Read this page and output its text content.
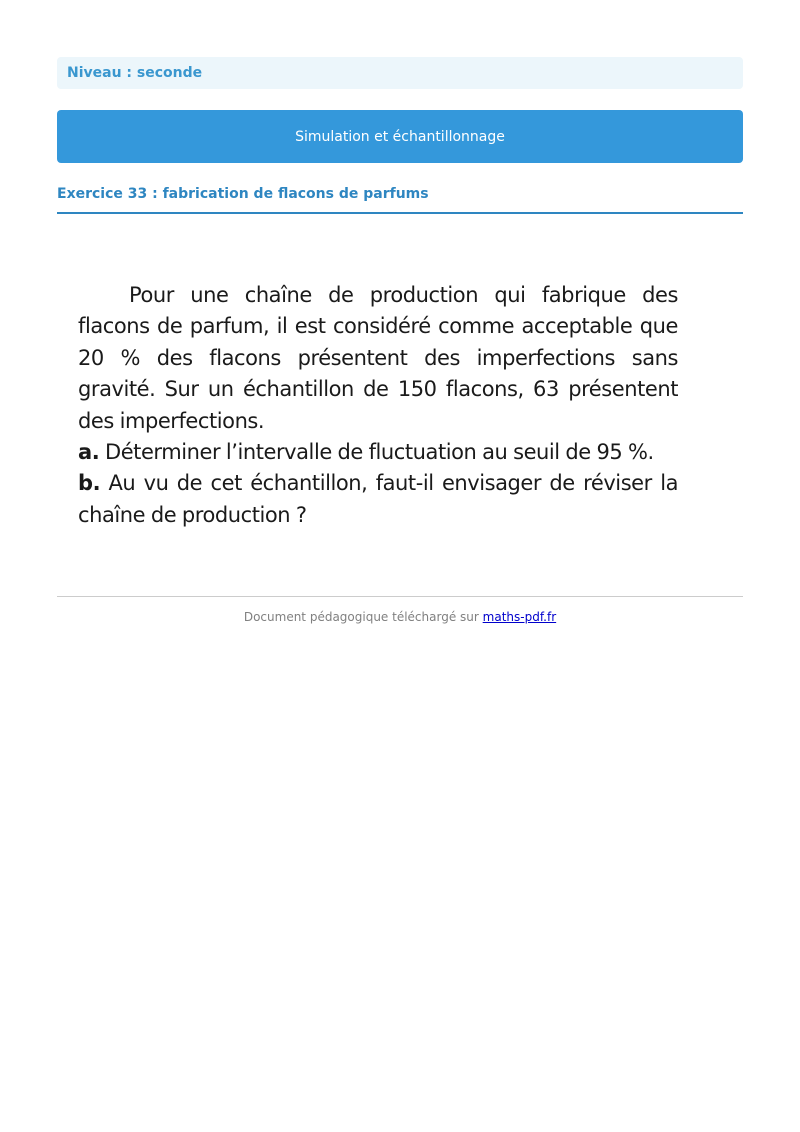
Niveau : seconde
Simulation et échantillonnage
Exercice 33 : fabrication de flacons de parfums

Pour une chaîne de production qui fabrique des flacons de parfum, il est considéré comme acceptable que 20 % des flacons présentent des imperfections sans gravité. Sur un échantillon de 150 flacons, 63 présentent des imperfections.

a. Déterminer l’intervalle de fluctuation au seuil de 95 %.

b. Au vu de cet échantillon, faut-il envisager de réviser la chaîne de production ?

Document pédagogique téléchargé sur maths-pdf.fr
